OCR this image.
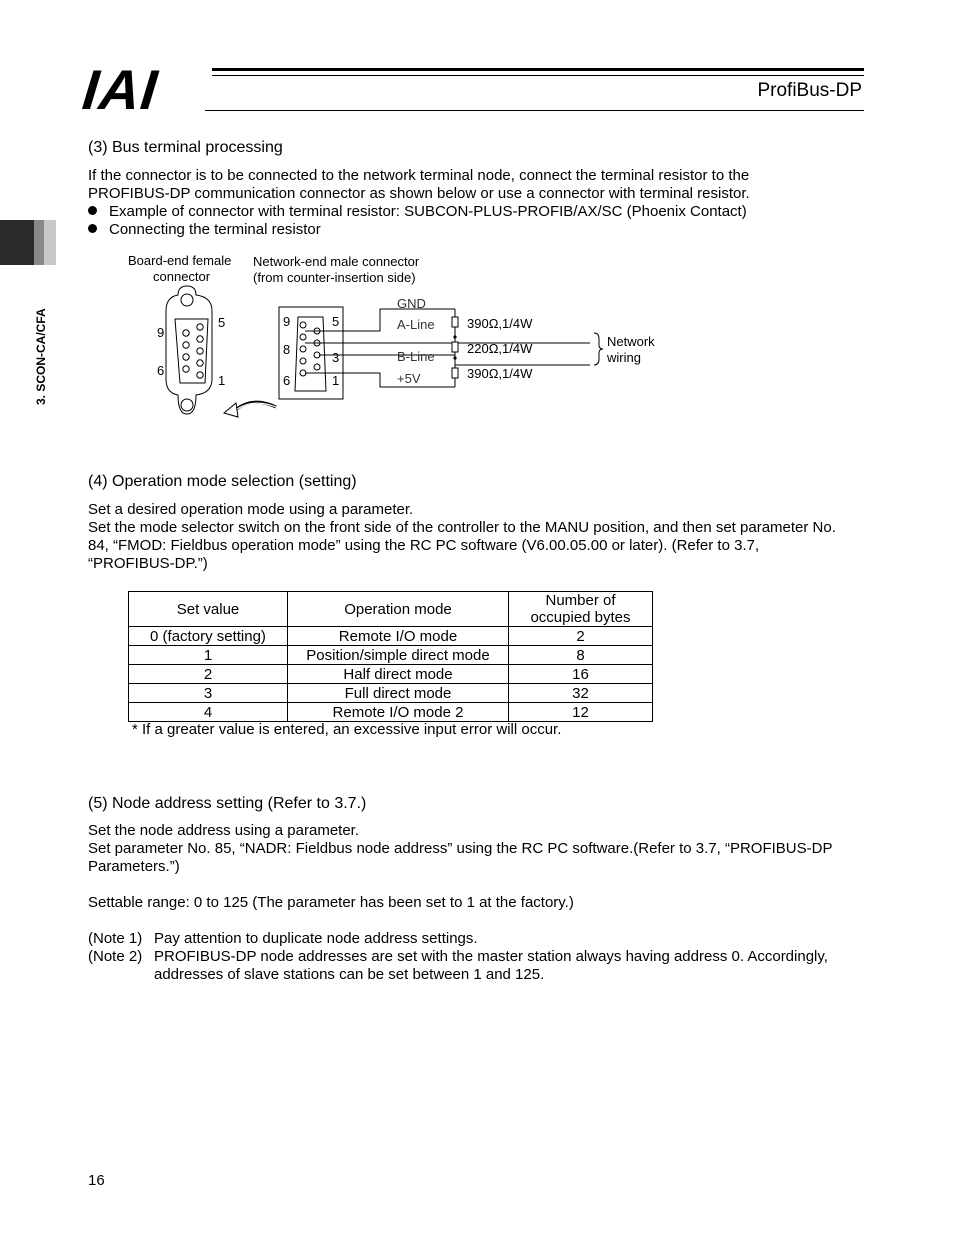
IAI	ProfiBus-DP
3. SCON-CA/CFA
(3) Bus terminal processing
If the connector is to be connected to the network terminal node, connect the terminal resistor to the
PROFIBUS-DP communication connector as shown below or use a connector with terminal resistor.
Example of connector with terminal resistor: SUBCON-PLUS-PROFIB/AX/SC (Phoenix Contact)
Connecting the terminal resistor
Board-end female
connector
Network-end male connector
(from counter-insertion side)
9
5
6
1
9	5
8
3
6	1
GND
A-Line
B-Line
+5V
390Ω,1/4W
220Ω,1/4W
390Ω,1/4W
Network
wiring
(4) Operation mode selection (setting)
Set a desired operation mode using a parameter.
Set the mode selector switch on the front side of the controller to the MANU position, and then set parameter No.
84, “FMOD: Fieldbus operation mode” using the RC PC software (V6.00.05.00 or later). (Refer to 3.7,
“PROFIBUS-DP.”)
Set value	Operation mode	Number of
occupied bytes
0 (factory setting)	Remote I/O mode	2
1	Position/simple direct mode	8
2	Half direct mode	16
3	Full direct mode	32
4	Remote I/O mode 2	12
* If a greater value is entered, an excessive input error will occur.
(5) Node address setting (Refer to 3.7.)
Set the node address using a parameter.
Set parameter No. 85, “NADR: Fieldbus node address” using the RC PC software.(Refer to 3.7, “PROFIBUS-DP
Parameters.”)
Settable range: 0 to 125 (The parameter has been set to 1 at the factory.)
(Note 1) Pay attention to duplicate node address settings.
(Note 2) PROFIBUS-DP node addresses are set with the master station always having address 0. Accordingly,
addresses of slave stations can be set between 1 and 125.
16
